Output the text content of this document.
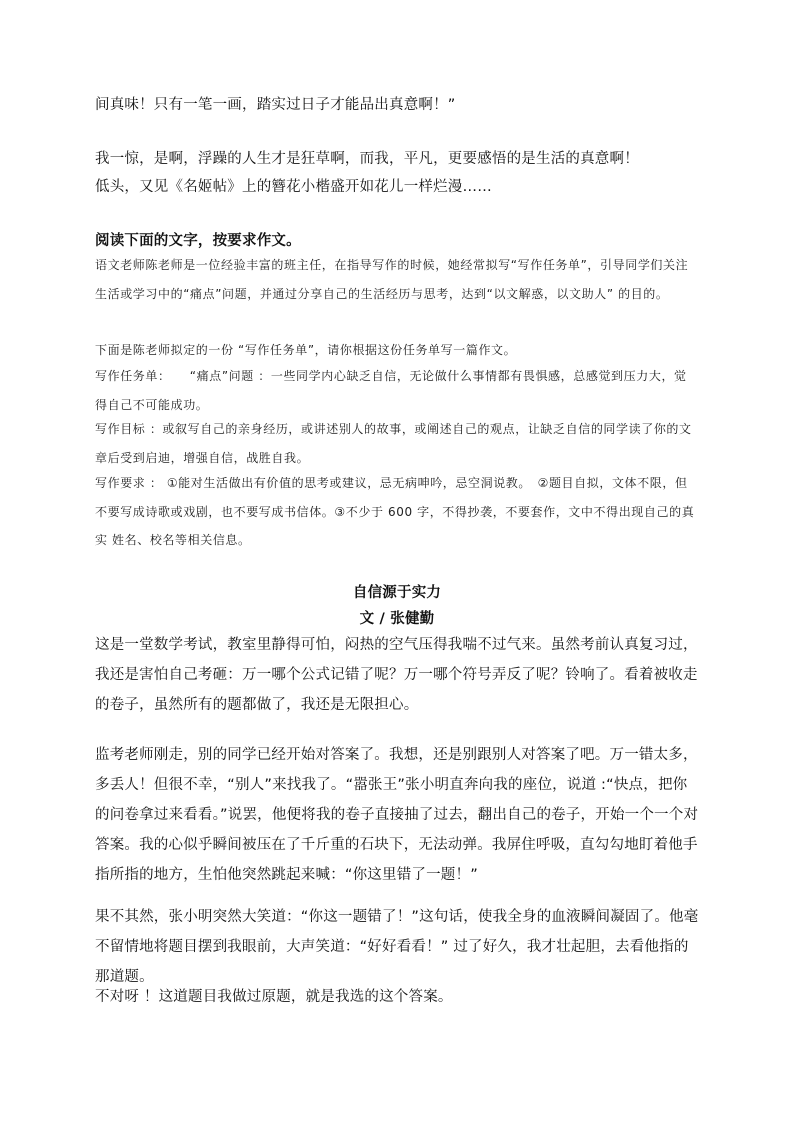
间真味！只有一笔一画，踏实过日子才能品出真意啊！”

我一惊，是啊，浮躁的人生才是狂草啊，而我，平凡，更要感悟的是生活的真意啊！

低头，又见《名姬帖》上的簪花小楷盛开如花儿一样烂漫……

阅读下面的文字，按要求作文。

语文老师陈老师是一位经验丰富的班主任，在指导写作的时候，她经常拟写“写作任务单”，引导同学们关注生活或学习中的“痛点”问题，并通过分享自己的生活经历与思考，达到“以文解惑，以文助人” 的目的。

下面是陈老师拟定的一份 “写作任务单”，请你根据这份任务单写一篇作文。

写作任务单：　　“痛点”问题 ：一些同学内心缺乏自信，无论做什么事情都有畏惧感，总感觉到压力大，觉得自己不可能成功。

写作目标 ：或叙写自己的亲身经历，或讲述别人的故事，或阐述自己的观点，让缺乏自信的同学读了你的文章后受到启迪，增强自信，战胜自我。

写作要求 ： ①能对生活做出有价值的思考或建议，忌无病呻吟，忌空洞说教。　②题目自拟，文体不限，但不要写成诗歌或戏剧，也不要写成书信体。③不少于 600 字，不得抄袭，不要套作，文中不得出现自己的真实 姓名、校名等相关信息。

自信源于实力

文 / 张健勤

这是一堂数学考试，教室里静得可怕，闷热的空气压得我喘不过气来。虽然考前认真复习过，我还是害怕自己考砸：万一哪个公式记错了呢？万一哪个符号弄反了呢？铃响了。看着被收走的卷子，虽然所有的题都做了，我还是无限担心。

监考老师刚走，别的同学已经开始对答案了。我想，还是别跟别人对答案了吧。万一错太多，多丢人！但很不幸，“别人”来找我了。“嚣张王”张小明直奔向我的座位，说道 :“快点，把你的问卷拿过来看看。”说罢，他便将我的卷子直接抽了过去，翻出自己的卷子，开始一个一个对答案。我的心似乎瞬间被压在了千斤重的石块下，无法动弹。我屏住呼吸，直勾勾地盯着他手指所指的地方，生怕他突然跳起来喊：“你这里错了一题！”

果不其然，张小明突然大笑道：“你这一题错了！”这句话，使我全身的血液瞬间凝固了。他毫不留情地将题目摆到我眼前，大声笑道：“好好看看！” 过了好久，我才壮起胆，去看他指的那道题。

不对呀 ！这道题目我做过原题，就是我选的这个答案。
